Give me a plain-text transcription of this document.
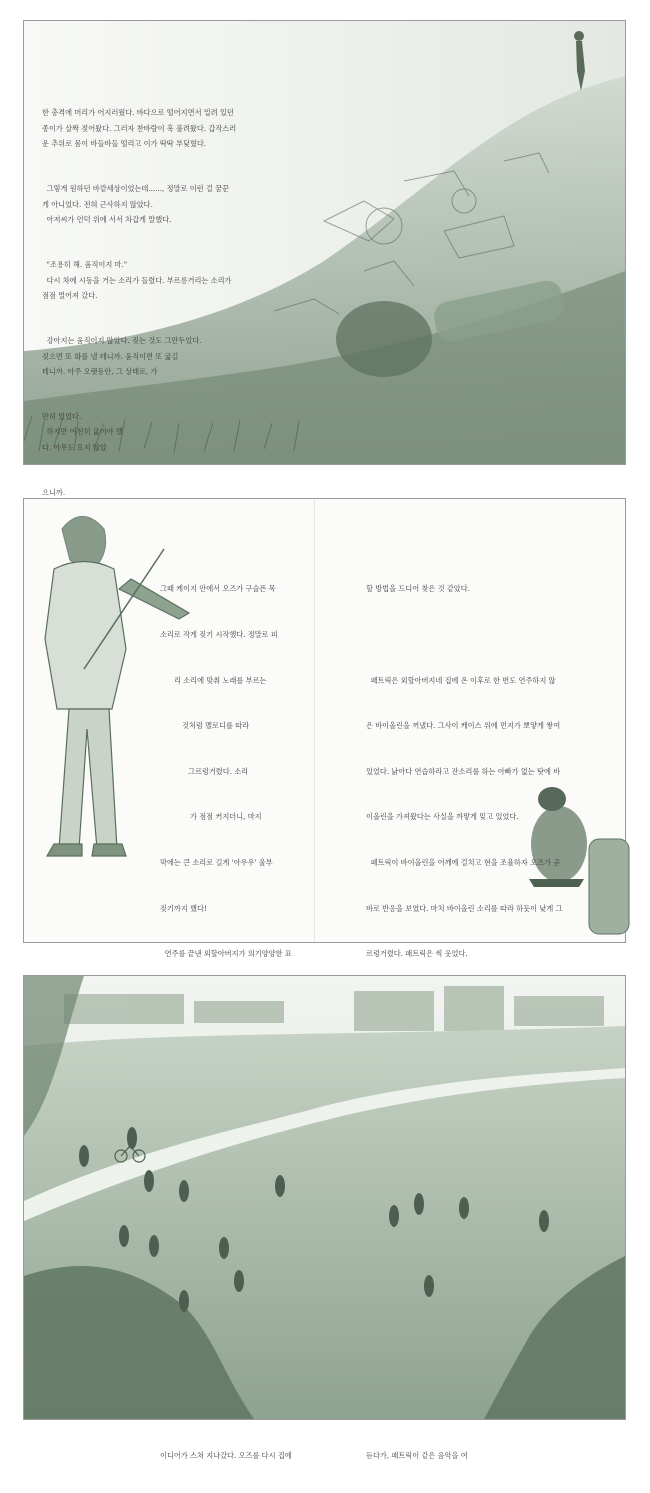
한 충격에 머리가 어지러웠다. 바다으로 떨어지면서 밀려 있던
종이가 살짝 젖어왔다. 그러자 찬바람이 훅 불려왔다. 갑작스러
운 추위로 몸이 바들바들 떨리고 이가 딱딱 부딪혔다.

그렇게 원하던 바깥세상이었는데......, 정말로 이런 걸 꿈꾼
게 아니었다. 전혀 근사하지 않았다.
아저씨가 언덕 위에 서서 차갑게 말했다.

"조용히 해. 움직이지 마."
다시 차에 시동을 거는 소리가 들렸다. 부르릉거리는 소리가
점점 멀어져 갔다.

강아지는 움직이지 않았다. 짖는 것도 그만두었다.
짖으면 또 화를 낼 테니까. 움직이면 또 굶길
테니까. 아주 오랫동안, 그 상태로, 가

만히 있었다.
하지만 여전히 굶어야 했
다. 아무도 오지 않았

으니까.

그때 케이지 안에서 오즈가 구슬픈 목

소리로 작게 짖기 시작했다. 정말로 피

리 소리에 맞춰 노래를 부르는

것처럼 멜로디를 따라

그르렁거렸다. 소리

가 점점 커지더니, 마지

막에는 큰 소리로 길게 '아우우' 울부

짖기까지 했다!

연주를 끝낸 외할아버지가 의기양양한 표

이디어가 스쳐 지나갔다. 오즈를 다시 집에

할 방법을 드디어 찾은 것 같았다.

패트릭은 외할아버지네 집에 온 이후로 한 번도 연주하지 않

은 바이올린을 꺼냈다. 그사이 케이스 위에 먼지가 뽀얗게 쌓여

있었다. 낡아다 연습하라고 잔소리를 하는 아빠가 없는 탓에 바

이올린을 가져왔다는 사실을 까맣게 잊고 있었다.

패트릭이 바이올린을 어깨에 걸치고 현을 조율하자 오즈가 곧

바로 반응을 보였다. 마치 바이올린 소리를 따라 하듯이 낮게 그

르렁거렸다. 패트릭은 씩 웃었다.

듣다가, 패트릭이 같은 음악을 여
